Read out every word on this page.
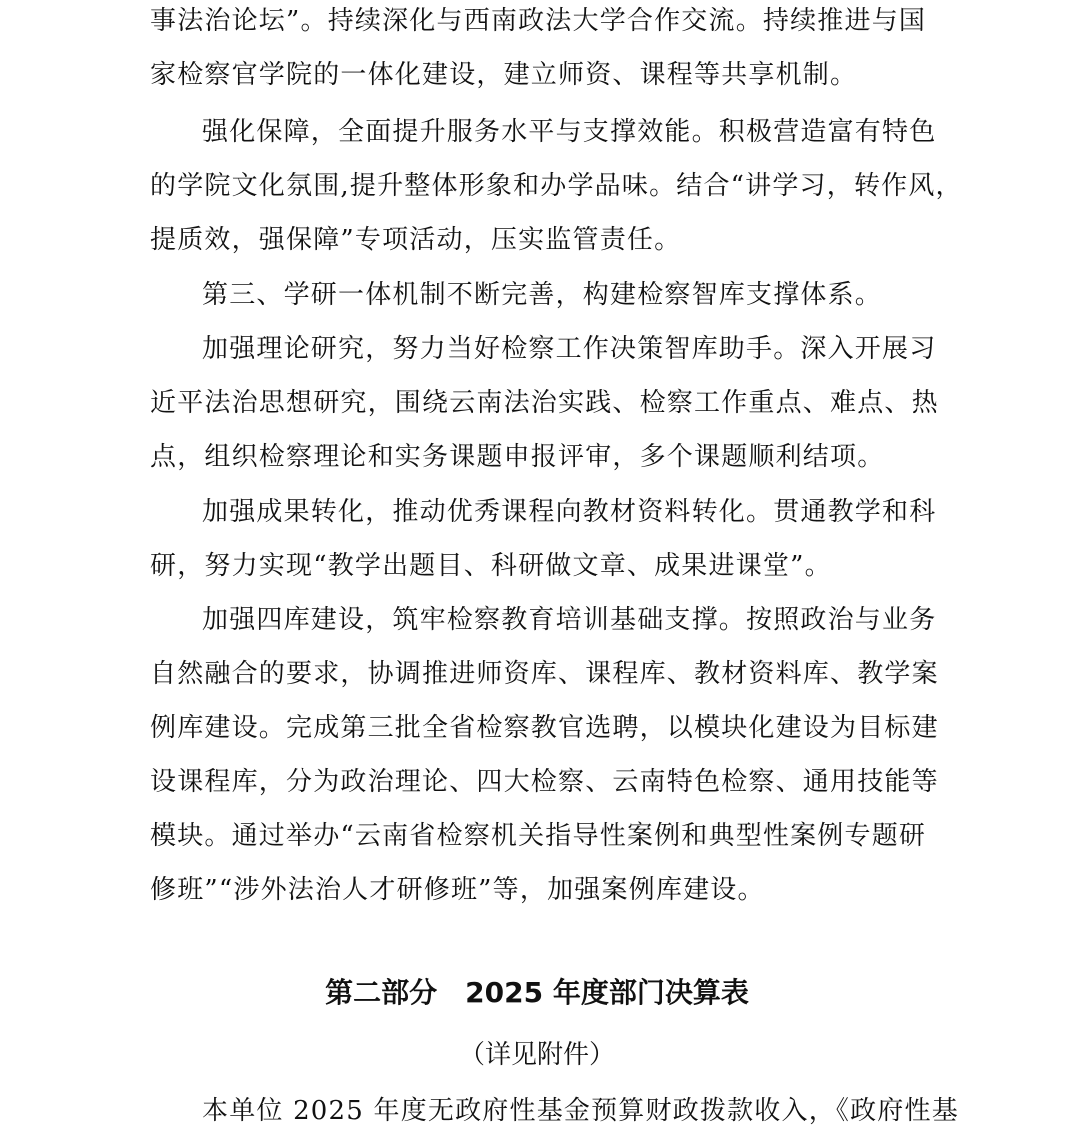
事法治论坛”。持续深化与西南政法大学合作交流。持续推进与国
家检察官学院的一体化建设，建立师资、课程等共享机制。
强化保障，全面提升服务水平与支撑效能。积极营造富有特色
的学院文化氛围,提升整体形象和办学品味。结合“讲学习，转作风，
提质效，强保障”专项活动，压实监管责任。
第三、学研一体机制不断完善，构建检察智库支撑体系。
加强理论研究，努力当好检察工作决策智库助手。深入开展习
近平法治思想研究，围绕云南法治实践、检察工作重点、难点、热
点，组织检察理论和实务课题申报评审，多个课题顺利结项。
加强成果转化，推动优秀课程向教材资料转化。贯通教学和科
研，努力实现“教学出题目、科研做文章、成果进课堂”。
加强四库建设，筑牢检察教育培训基础支撑。按照政治与业务
自然融合的要求，协调推进师资库、课程库、教材资料库、教学案
例库建设。完成第三批全省检察教官选聘，以模块化建设为目标建
设课程库，分为政治理论、四大检察、云南特色检察、通用技能等
模块。通过举办“云南省检察机关指导性案例和典型性案例专题研
修班”“涉外法治人才研修班”等，加强案例库建设。
第二部分　2025 年度部门决算表
（详见附件）
本单位 2025 年度无政府性基金预算财政拨款收入，《政府性基
